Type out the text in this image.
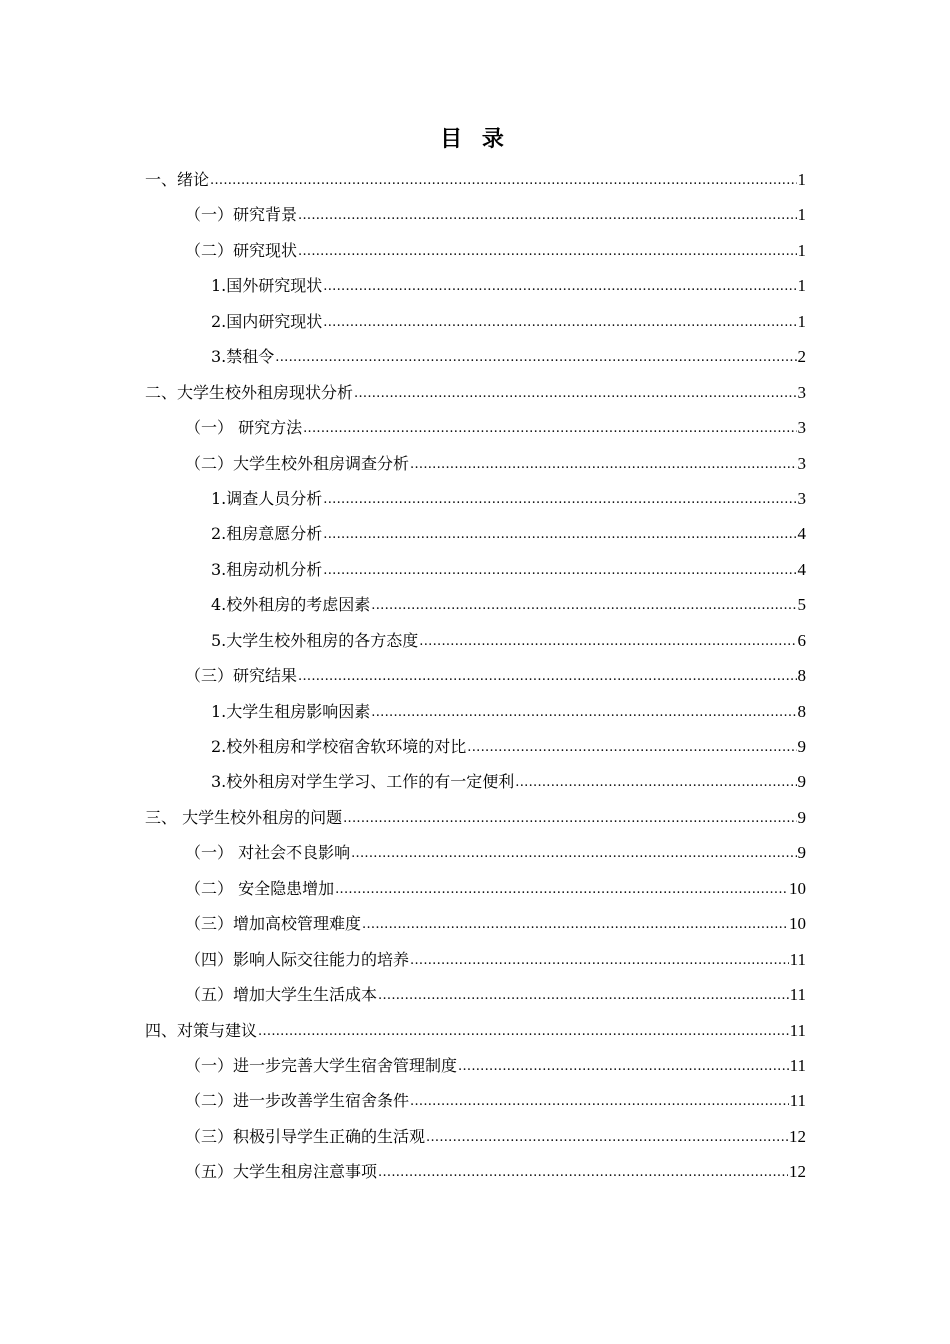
目 录
一、绪论 .....	1
（一）研究背景 .....	1
（二）研究现状 .....	1
1.国外研究现状 .....	1
2.国内研究现状 .....	1
3.禁租令 .....	2
二、大学生校外租房现状分析 .....	3
（一） 研究方法 .....	3
（二）大学生校外租房调查分析 .....	3
1.调查人员分析 .....	3
2.租房意愿分析 .....	4
3.租房动机分析 .....	4
4.校外租房的考虑因素 .....	5
5.大学生校外租房的各方态度 .....	6
（三）研究结果 .....	8
1.大学生租房影响因素 .....	8
2.校外租房和学校宿舍软环境的对比 .....	9
3.校外租房对学生学习、工作的有一定便利 .....	9
三、 大学生校外租房的问题 .....	9
（一） 对社会不良影响 .....	9
（二） 安全隐患增加 .....	10
（三）增加高校管理难度 .....	10
（四）影响人际交往能力的培养 .....	11
（五）增加大学生生活成本 .....	11
四、对策与建议 .....	11
（一）进一步完善大学生宿舍管理制度 .....	11
（二）进一步改善学生宿舍条件 .....	11
（三）积极引导学生正确的生活观 .....	12
（五）大学生租房注意事项 .....	12
